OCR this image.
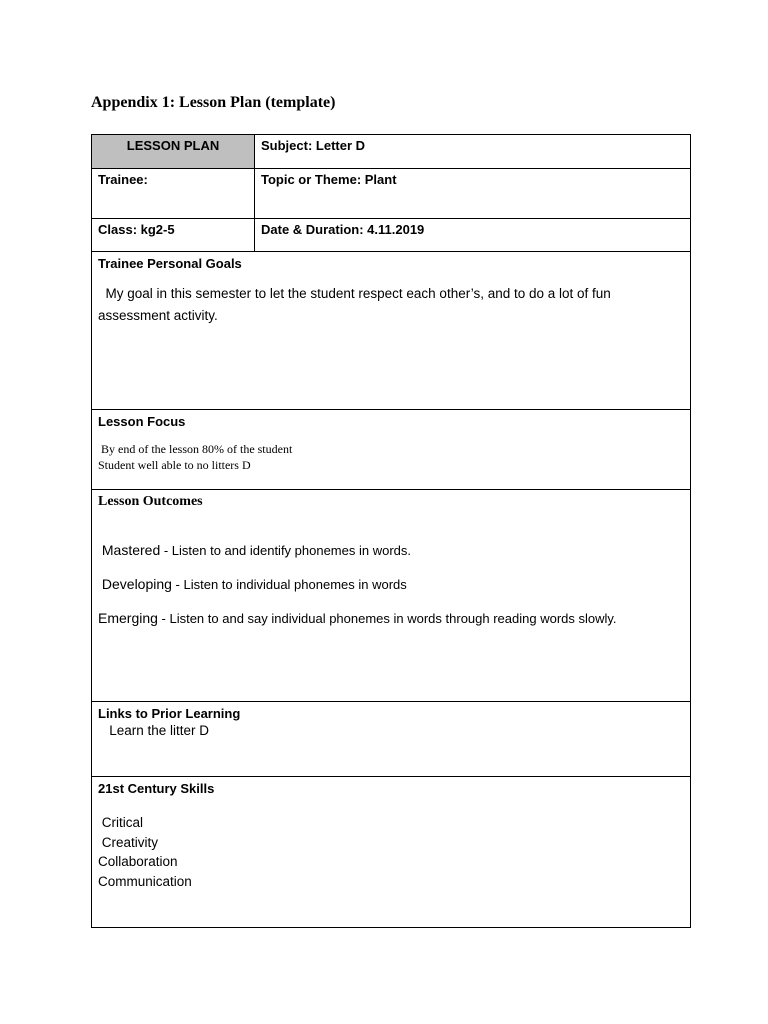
Appendix 1: Lesson Plan (template)
LESSON PLAN	Subject: Letter D
Trainee:	Topic or Theme: Plant
Class: kg2-5	Date & Duration: 4.11.2019

Trainee Personal Goals

My goal in this semester to let the student respect each other’s, and to do a lot of fun assessment activity.	

Lesson Focus
By end of the lesson 80% of the student
Student well able to no litters D	

Lesson Outcomes

Mastered - Listen to and identify phonemes in words.

Developing - Listen to individual phonemes in words

Emerging - Listen to and say individual phonemes in words through reading words slowly.	

Links to Prior Learning
Learn the litter D	

21st Century Skills
Critical
Creativity
Collaboration
Communication	
